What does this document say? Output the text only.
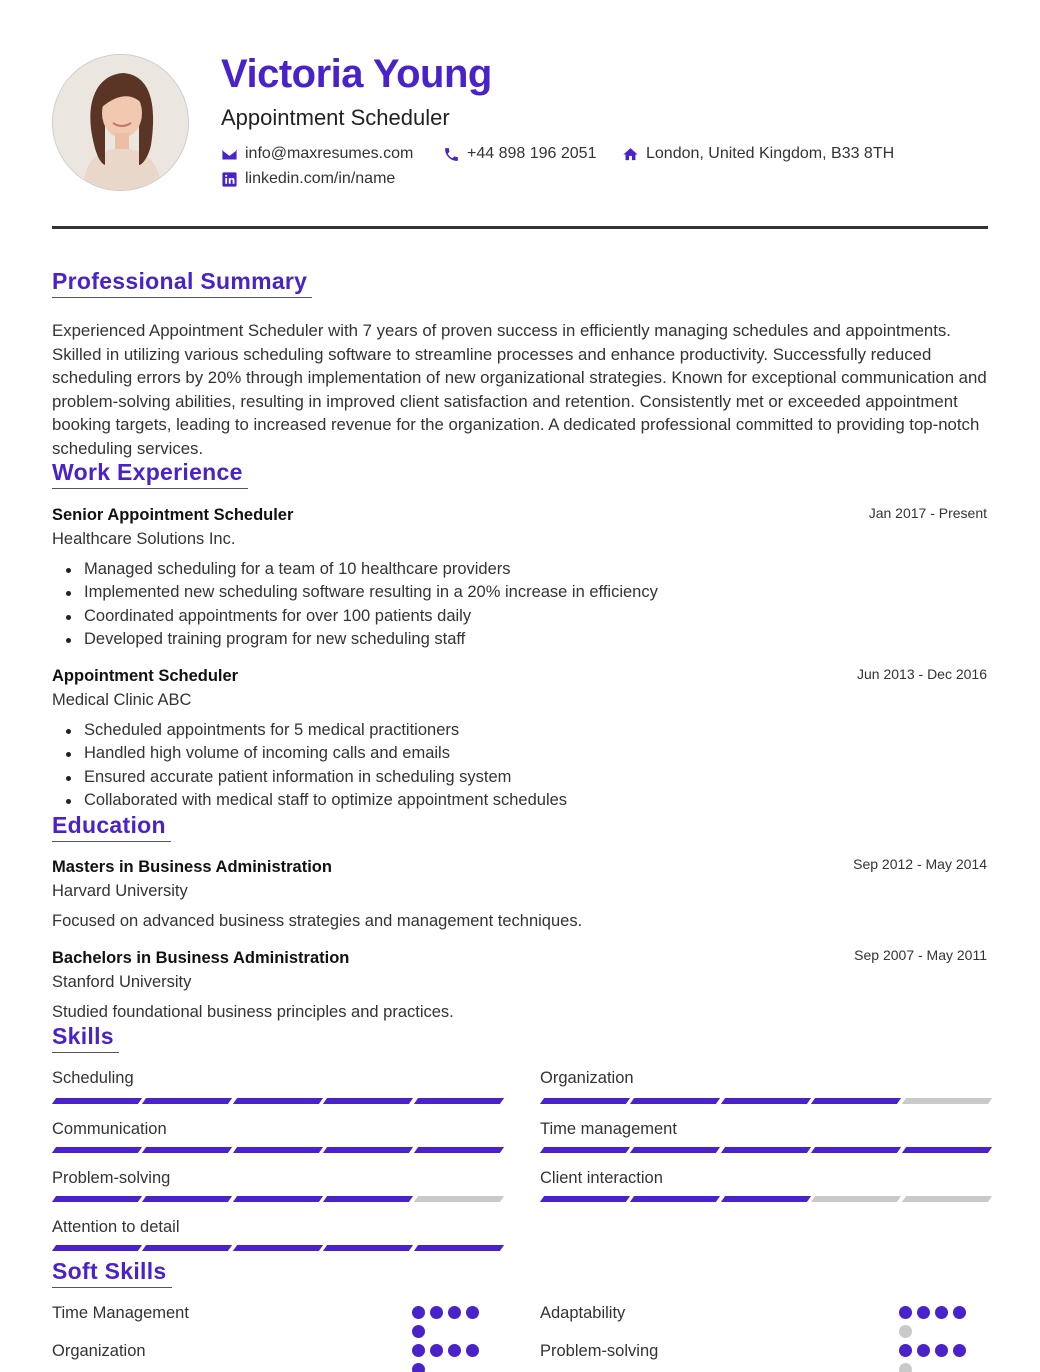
Victoria Young
Appointment Scheduler
info@maxresumes.com	+44 898 196 2051	London, United Kingdom, B33 8TH
linkedin.com/in/name
Professional Summary
Experienced Appointment Scheduler with 7 years of proven success in efficiently managing schedules and appointments. Skilled in utilizing various scheduling software to streamline processes and enhance productivity. Successfully reduced scheduling errors by 20% through implementation of new organizational strategies. Known for exceptional communication and problem-solving abilities, resulting in improved client satisfaction and retention. Consistently met or exceeded appointment booking targets, leading to increased revenue for the organization. A dedicated professional committed to providing top-notch scheduling services.
Work Experience
Senior Appointment Scheduler	Jan 2017 - Present
Healthcare Solutions Inc.
Managed scheduling for a team of 10 healthcare providers
Implemented new scheduling software resulting in a 20% increase in efficiency
Coordinated appointments for over 100 patients daily
Developed training program for new scheduling staff
Appointment Scheduler	Jun 2013 - Dec 2016
Medical Clinic ABC
Scheduled appointments for 5 medical practitioners
Handled high volume of incoming calls and emails
Ensured accurate patient information in scheduling system
Collaborated with medical staff to optimize appointment schedules
Education
Masters in Business Administration	Sep 2012 - May 2014
Harvard University
Focused on advanced business strategies and management techniques.
Bachelors in Business Administration	Sep 2007 - May 2011
Stanford University
Studied foundational business principles and practices.
Skills
Scheduling	Organization
Communication	Time management
Problem-solving	Client interaction
Attention to detail
Soft Skills
Time Management	Adaptability
Organization	Problem-solving
